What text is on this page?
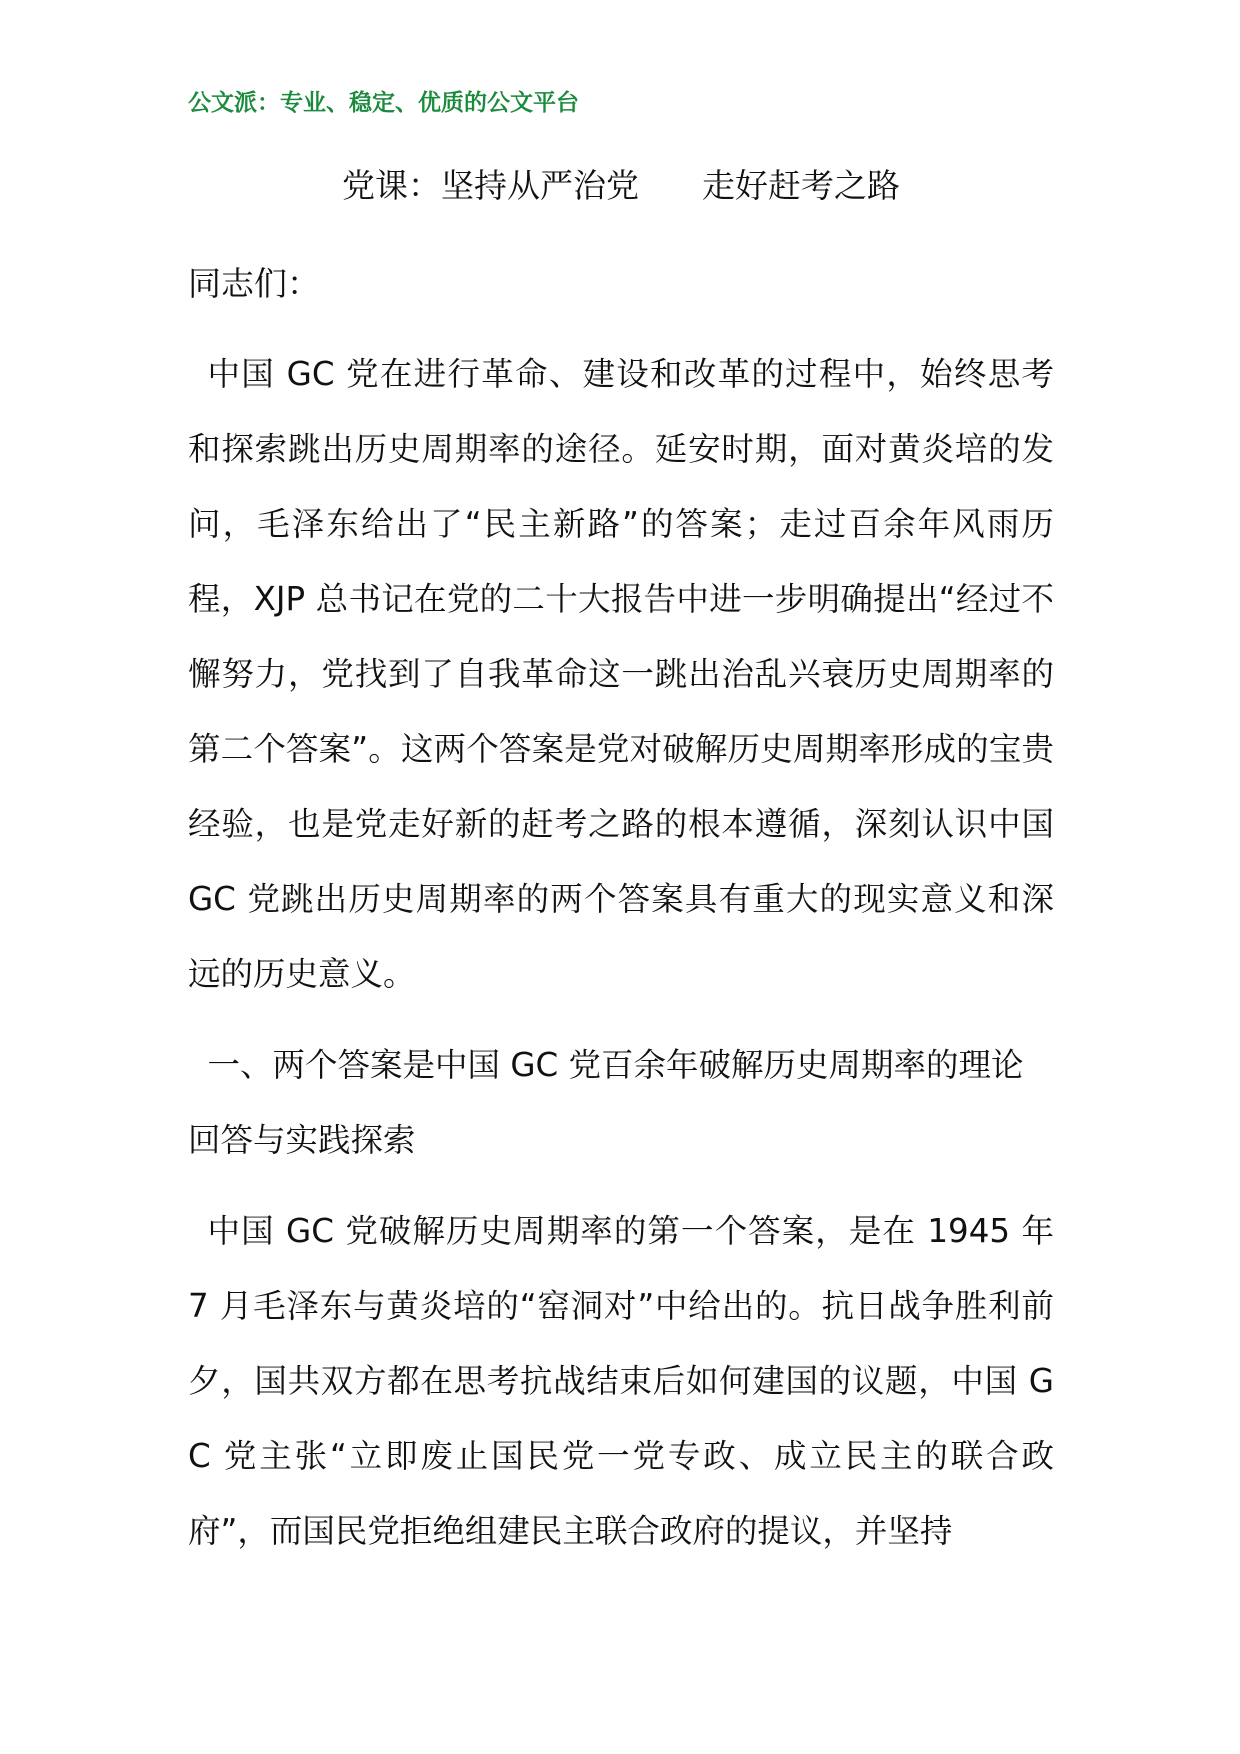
公文派：专业、稳定、优质的公文平台
党课：坚持从严治党      走好赶考之路

同志们：

中国 GC 党在进行革命、建设和改革的过程中，始终思考和探索跳出历史周期率的途径。延安时期，面对黄炎培的发问，毛泽东给出了“民主新路”的答案；走过百余年风雨历程，XJP 总书记在党的二十大报告中进一步明确提出“经过不懈努力，党找到了自我革命这一跳出治乱兴衰历史周期率的第二个答案”。这两个答案是党对破解历史周期率形成的宝贵经验，也是党走好新的赶考之路的根本遵循，深刻认识中国 GC 党跳出历史周期率的两个答案具有重大的现实意义和深远的历史意义。

一、两个答案是中国 GC 党百余年破解历史周期率的理论回答与实践探索

中国 GC 党破解历史周期率的第一个答案，是在 1945 年 7 月毛泽东与黄炎培的“窑洞对”中给出的。抗日战争胜利前夕，国共双方都在思考抗战结束后如何建国的议题，中国 GC 党主张“立即废止国民党一党专政、成立民主的联合政府”，而国民党拒绝组建民主联合政府的提议，并坚持
